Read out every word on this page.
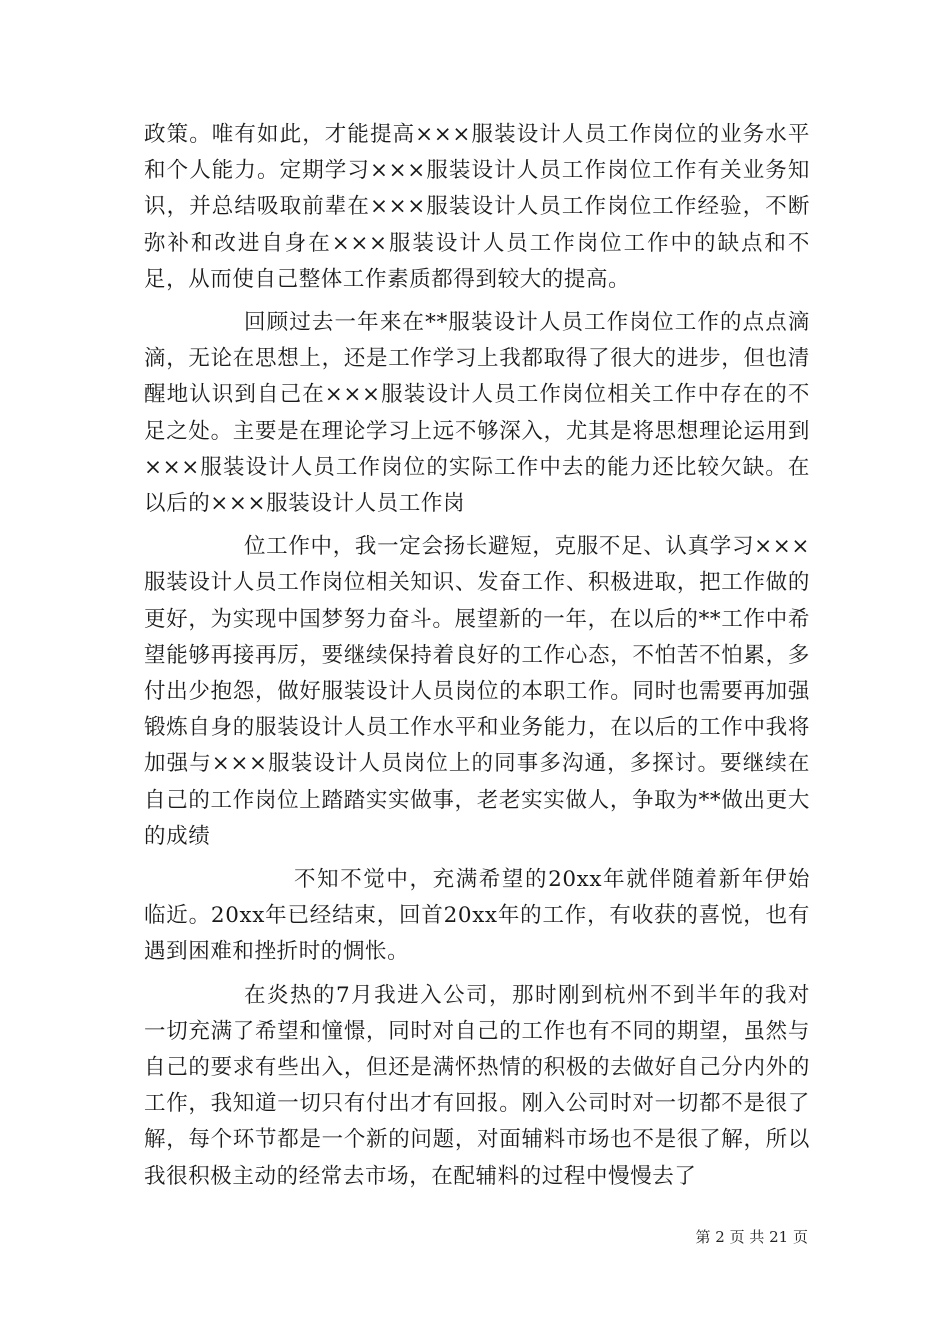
政策。唯有如此，才能提高×××服装设计人员工作岗位的业务水平和个人能力。定期学习×××服装设计人员工作岗位工作有关业务知识，并总结吸取前辈在×××服装设计人员工作岗位工作经验，不断弥补和改进自身在×××服装设计人员工作岗位工作中的缺点和不足，从而使自己整体工作素质都得到较大的提高。

回顾过去一年来在**服装设计人员工作岗位工作的点点滴滴，无论在思想上，还是工作学习上我都取得了很大的进步，但也清醒地认识到自己在×××服装设计人员工作岗位相关工作中存在的不足之处。主要是在理论学习上远不够深入，尤其是将思想理论运用到×××服装设计人员工作岗位的实际工作中去的能力还比较欠缺。在以后的×××服装设计人员工作岗

位工作中，我一定会扬长避短，克服不足、认真学习×××服装设计人员工作岗位相关知识、发奋工作、积极进取，把工作做的更好，为实现中国梦努力奋斗。展望新的一年，在以后的**工作中希望能够再接再厉，要继续保持着良好的工作心态，不怕苦不怕累，多付出少抱怨，做好服装设计人员岗位的本职工作。同时也需要再加强锻炼自身的服装设计人员工作水平和业务能力，在以后的工作中我将加强与×××服装设计人员岗位上的同事多沟通，多探讨。要继续在自己的工作岗位上踏踏实实做事，老老实实做人，争取为**做出更大的成绩

不知不觉中，充满希望的20xx年就伴随着新年伊始临近。20xx年已经结束，回首20xx年的工作，有收获的喜悦，也有遇到困难和挫折时的惆怅。

在炎热的7月我进入公司，那时刚到杭州不到半年的我对一切充满了希望和憧憬，同时对自己的工作也有不同的期望，虽然与自己的要求有些出入，但还是满怀热情的积极的去做好自己分内外的工作，我知道一切只有付出才有回报。刚入公司时对一切都不是很了解，每个环节都是一个新的问题，对面辅料市场也不是很了解，所以我很积极主动的经常去市场，在配辅料的过程中慢慢去了

第 2 页 共 21 页
